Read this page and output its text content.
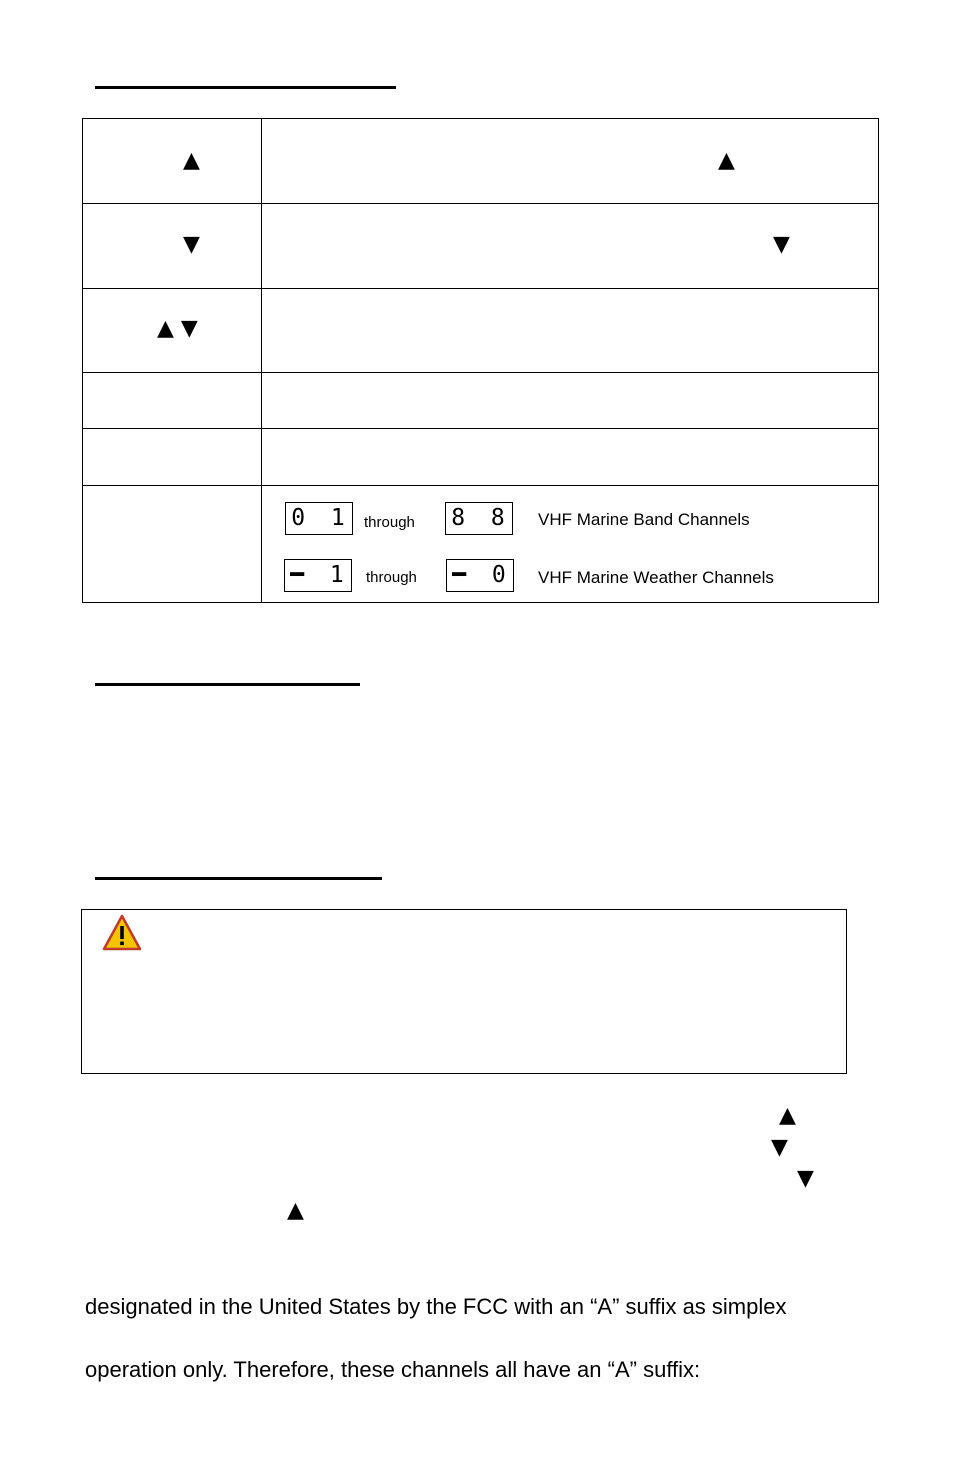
▲	▲
▼	▼
▲ ▼
0 1 through 8 8 VHF Marine Band Channels
━ 1 through ━ 0 VHF Marine Weather Channels
▲
▼
▼
▲
designated in the United States by the FCC with an “A” suffix as simplex
operation only. Therefore, these channels all have an “A” suffix:
